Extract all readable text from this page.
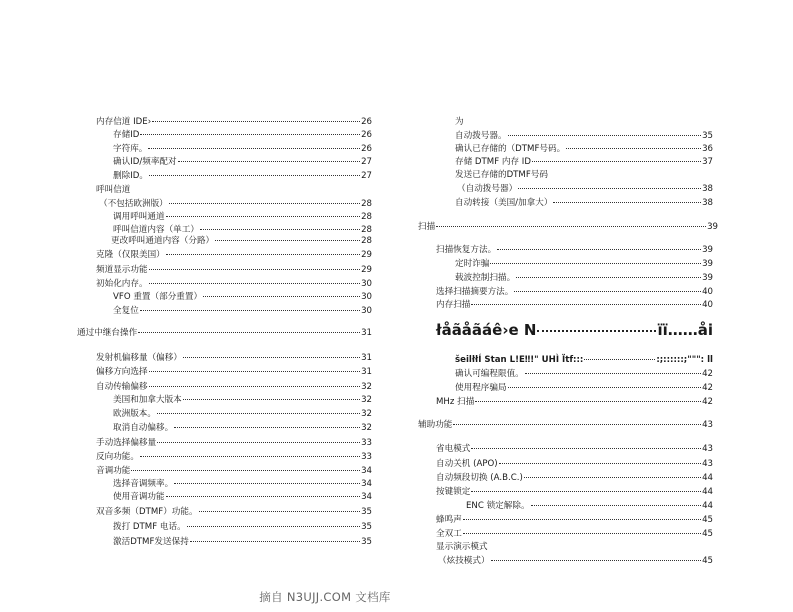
内存信道 IDE›	26
存储ID	26
字符库。	26
确认ID/频率配对	27
删除ID。	27
呼叫信道
（不包括欧洲版）	28
调用呼叫通道	28
呼叫信道内容（单工）	28
更改呼叫通道内容（分路）	28
克隆（仅限美国）	29
频道显示功能	29
初始化内存。	30
VFO 重置（部分重置）	30
全复位	30
通过中继台操作	31
发射机偏移量（偏移）	31
偏移方向选择	31
自动传输偏移	32
美国和加拿大版本	32
欧洲版本。	32
取消自动偏移。	32
手动选择偏移量	33
反向功能。	33
音调功能	34
选择音调频率。	34
使用音调功能	34
双音多频（DTMF）功能。	35
拨打 DTMF 电话。	35
激活DTMF发送保持	35
为
自动拨号器。	35
确认已存储的（DTMF号码。	36
存储 DTMF 内存 ID	37
发送已存储的DTMF号码
（自动拨号器）	38
自动转接（美国/加拿大）	38
扫描	39
扫描恢复方法。	39
定时诈骗	39
载波控制扫描。	39
选择扫描摘要方法。	40
内存扫描	40
łåãåãáê›e N	ïï……åi
šeilłłÍ Stan L!E‼!" UHÌ Ïtf:::	:;::::::;""": ll
确认可编程限值。	42
使用程序骗局	42
MHz 扫描	42
辅助功能	43
省电模式	43
自动关机 (APO)	43
自动频段切换 (A.B.C.)	44
按键锁定	44
ENC 锁定解除。	44
蜂鸣声	45
全双工	45
显示演示模式
（炫技模式）	45
摘自 N3UJJ.COM 文档库
